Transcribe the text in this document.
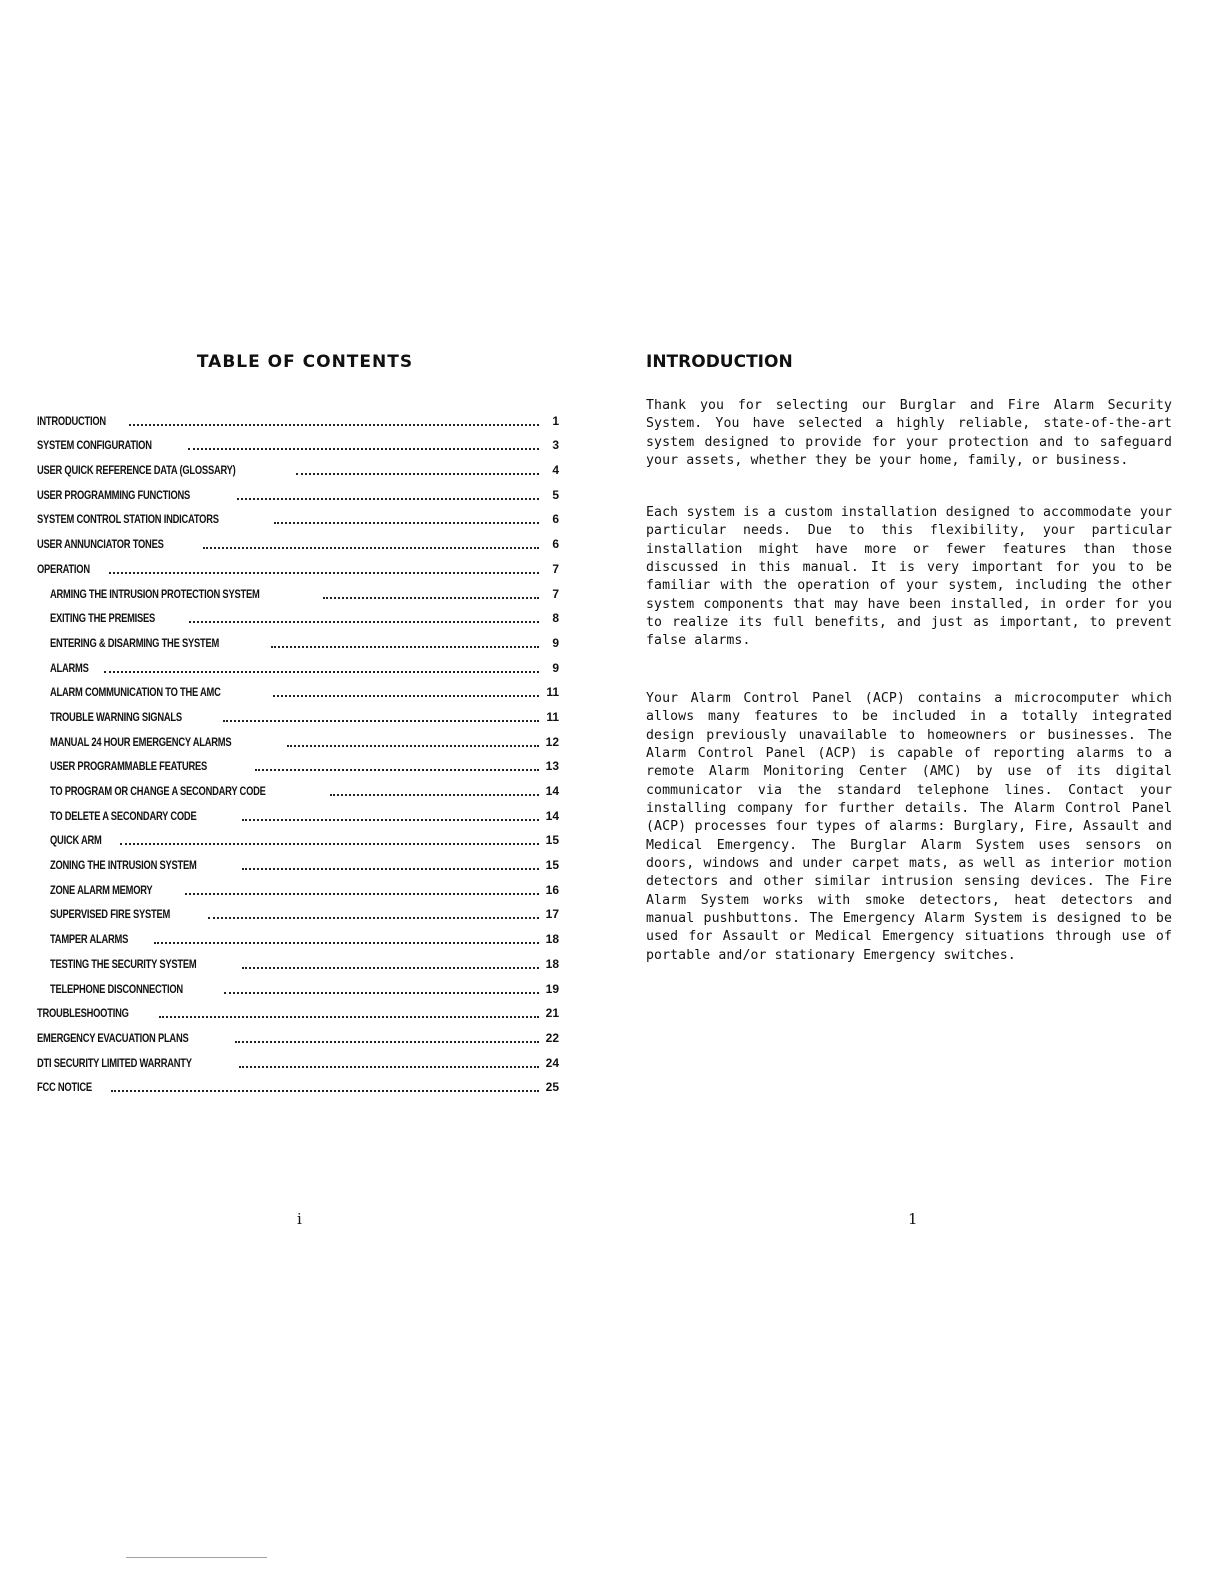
TABLE OF CONTENTS
INTRODUCTION	1
SYSTEM CONFIGURATION	3
USER QUICK REFERENCE DATA (GLOSSARY)	4
USER PROGRAMMING FUNCTIONS	5
SYSTEM CONTROL STATION INDICATORS	6
USER ANNUNCIATOR TONES	6
OPERATION	7
ARMING THE INTRUSION PROTECTION SYSTEM	7
EXITING THE PREMISES	8
ENTERING & DISARMING THE SYSTEM	9
ALARMS	9
ALARM COMMUNICATION TO THE AMC	11
TROUBLE WARNING SIGNALS	11
MANUAL 24 HOUR EMERGENCY ALARMS	12
USER PROGRAMMABLE FEATURES	13
TO PROGRAM OR CHANGE A SECONDARY CODE	14
TO DELETE A SECONDARY CODE	14
QUICK ARM	15
ZONING THE INTRUSION SYSTEM	15
ZONE ALARM MEMORY	16
SUPERVISED FIRE SYSTEM	17
TAMPER ALARMS	18
TESTING THE SECURITY SYSTEM	18
TELEPHONE DISCONNECTION	19
TROUBLESHOOTING	21
EMERGENCY EVACUATION PLANS	22
DTI SECURITY LIMITED WARRANTY	24
FCC NOTICE	25
INTRODUCTION

Thank you for selecting our Burglar and Fire Alarm Security System. You have selected a highly reliable, state-of-the-art system designed to provide for your protection and to safeguard your assets, whether they be your home, family, or business.

Each system is a custom installation designed to accommodate your particular needs. Due to this flexibility, your particular installation might have more or fewer features than those discussed in this manual. It is very important for you to be familiar with the operation of your system, including the other system components that may have been installed, in order for you to realize its full benefits, and just as important, to prevent false alarms.

Your Alarm Control Panel (ACP) contains a microcomputer which allows many features to be included in a totally integrated design previously unavailable to homeowners or businesses. The Alarm Control Panel (ACP) is capable of reporting alarms to a remote Alarm Monitoring Center (AMC) by use of its digital communicator via the standard telephone lines. Contact your installing company for further details. The Alarm Control Panel (ACP) processes four types of alarms: Burglary, Fire, Assault and Medical Emergency. The Burglar Alarm System uses sensors on doors, windows and under carpet mats, as well as interior motion detectors and other similar intrusion sensing devices. The Fire Alarm System works with smoke detectors, heat detectors and manual pushbuttons. The Emergency Alarm System is designed to be used for Assault or Medical Emergency situations through use of portable and/or stationary Emergency switches.

i	1
